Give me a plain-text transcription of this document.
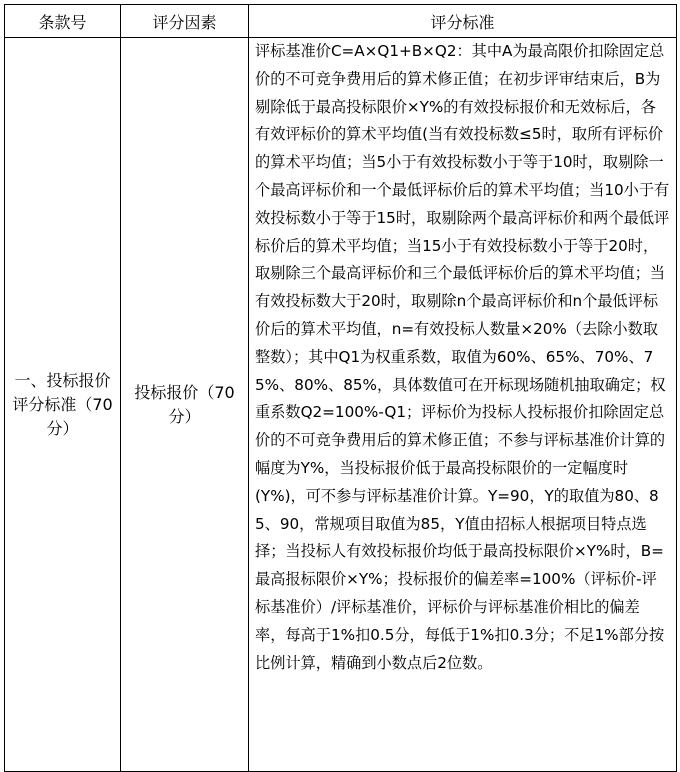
条款号	评分因素	评分标准

一、投标报价评分标准（70分）	投标报价（70分）	评标基准价C=A×Q1+B×Q2：其中A为最高限价扣除固定总价的不可竞争费用后的算术修正值；在初步评审结束后，B为剔除低于最高投标限价×Y%的有效投标报价和无效标后，各有效评标价的算术平均值(当有效投标数≤5时，取所有评标价的算术平均值；当5小于有效投标数小于等于10时，取剔除一个最高评标价和一个最低评标价后的算术平均值；当10小于有效投标数小于等于15时，取剔除两个最高评标价和两个最低评标价后的算术平均值；当15小于有效投标数小于等于20时，取剔除三个最高评标价和三个最低评标价后的算术平均值；当有效投标数大于20时，取剔除n个最高评标价和n个最低评标价后的算术平均值，n=有效投标人数量×20%（去除小数取整数）；其中Q1为权重系数，取值为60%、65%、70%、75%、80%、85%，具体数值可在开标现场随机抽取确定；权重系数Q2=100%-Q1；评标价为投标人投标报价扣除固定总价的不可竞争费用后的算术修正值；不参与评标基准价计算的幅度为Y%，当投标报价低于最高投标限价的一定幅度时(Y%)，可不参与评标基准价计算。Y=90，Y的取值为80、85、90，常规项目取值为85，Y值由招标人根据项目特点选择；当投标人有效投标报价均低于最高投标限价×Y%时，B=最高报标限价×Y%；投标报价的偏差率=100%（评标价-评标基准价）/评标基准价，评标价与评标基准价相比的偏差率，每高于1%扣0.5分，每低于1%扣0.3分；不足1%部分按比例计算，精确到小数点后2位数。
